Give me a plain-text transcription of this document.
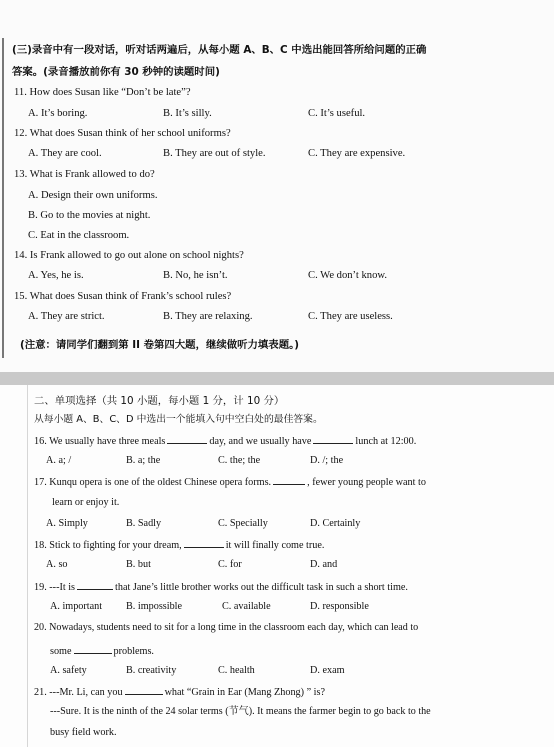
(三)录音中有一段对话，听对话两遍后，从每小题 A、B、C 中选出能回答所给问题的正确
答案。(录音播放前你有 30 秒钟的读题时间)
11. How does Susan like “Don’t be late”?
A. It’s boring.	B. It’s silly.	C. It’s useful.
12. What does Susan think of her school uniforms?
A. They are cool.	B. They are out of style.	C. They are expensive.
13. What is Frank allowed to do?
A. Design their own uniforms.
B. Go to the movies at night.
C. Eat in the classroom.
14. Is Frank allowed to go out alone on school nights?
A. Yes, he is.	B. No, he isn’t.	C. We don’t know.
15. What does Susan think of Frank’s school rules?
A. They are strict.	B. They are relaxing.	C. They are useless.
(注意：请同学们翻到第 II 卷第四大题，继续做听力填表题。)
二、单项选择（共 10 小题，每小题 1 分，计 10 分）
从每小题 A、B、C、D 中选出一个能填入句中空白处的最佳答案。
16. We usually have three meals	day, and we usually have	lunch at 12:00.
A. a; /	B. a; the	C. the; the	D. /; the
17. Kunqu opera is one of the oldest Chinese opera forms.	, fewer young people want to
learn or enjoy it.
A. Simply	B. Sadly	C. Specially	D. Certainly
18. Stick to fighting for your dream,	it will finally come true.
A. so	B. but	C. for	D. and
19. ---It is	that Jane’s little brother works out the difficult task in such a short time.
A. important B. impossible	C. available	D. responsible
20. Nowadays, students need to sit for a long time in the classroom each day, which can lead to
some	problems.
A. safety	B. creativity	C. health	D. exam
21. ---Mr. Li, can you	what “Grain in Ear (Mang Zhong) ” is?
---Sure. It is the ninth of the 24 solar terms (节气). It means the farmer begin to go back to the
busy field work.
